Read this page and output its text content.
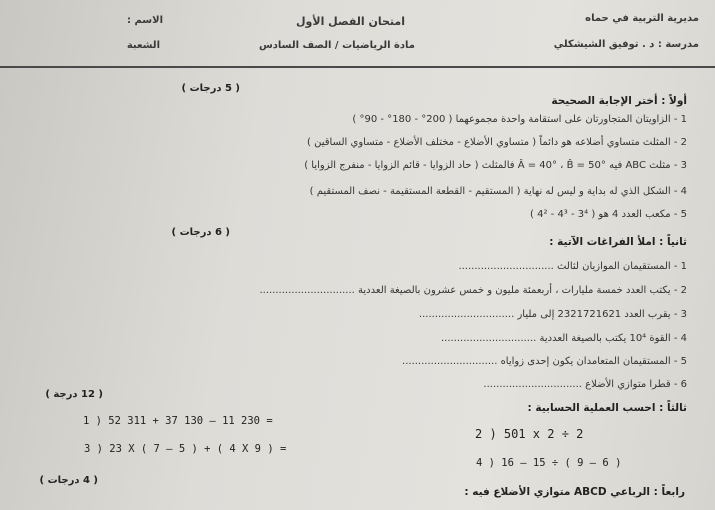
مديرية التربية في حماه
مدرسة : د . توفيق الشيشكلي
امتحان الفصل الأول
مادة الرياضيات / الصف السادس
الاسم :
الشعبة
( 5 درجات )
أولاً : أختر الإجابة الصحيحة
1 - الزاويتان المتجاورتان على استقامة واحدة مجموعهما ( 200° - 180° - 90° )
2 - المثلث متساوي أضلاعه هو دائماً ( متساوي الأضلاع - مختلف الأضلاع - متساوي الساقين )
3 - مثلث ABC فيه Â = 40° ، B̂ = 50° فالمثلث ( حاد الزوايا - قائم الزوايا - منفرج الزوايا )
4 - الشكل الذي له بداية و ليس له نهاية ( المستقيم - القطعة المستقيمة - نصف المستقيم )
5 - مكعب العدد 4 هو ( 3⁴ - 4³ - 4² )
( 6 درجات )
ثانياً : املأ الفراغات الآتية :
1 - المستقيمان الموازيان لثالث ..............................
2 - يكتب العدد خمسة مليارات ، أربعمئة مليون و خمس عشرون بالصيغة العددية ..............................
3 - يقرب العدد 2321721621 إلى مليار ..............................
4 - القوة 10⁴ يكتب بالصيغة العددية ..............................
5 - المستقيمان المتعامدان يكون إحدى زواياه ..............................
6 - قطرا متوازي الأضلاع ...............................
( 12 درجة )
ثالثاً : احسب العملية الحسابية :
1 ) 52 311 + 37 130 – 11 230 =
2 ) 501 x 2 ÷ 2
3 ) 23 X ( 7 – 5 ) + ( 4 X 9 ) =
4 ) 16 – 15 ÷ ( 9 – 6 )
( 4 درجات )
رابعاً : الرباعي ABCD متوازي الأضلاع فيه :
